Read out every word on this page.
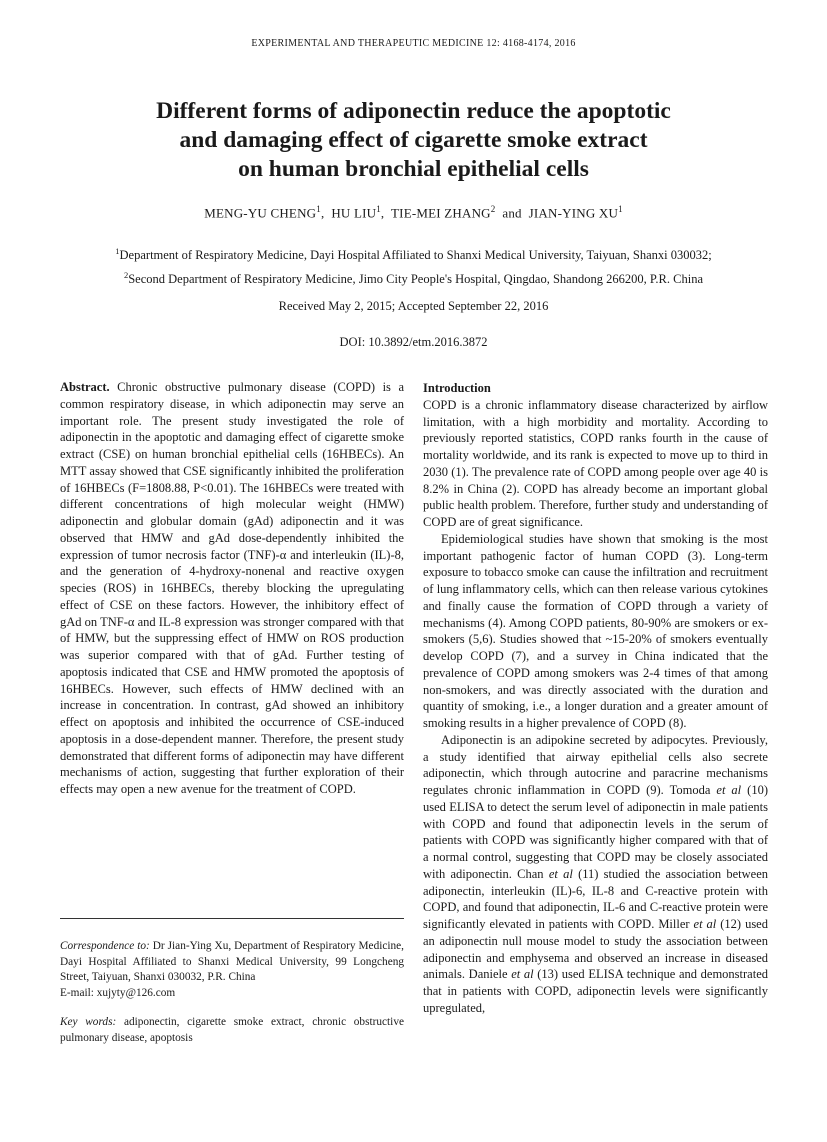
EXPERIMENTAL AND THERAPEUTIC MEDICINE 12: 4168-4174, 2016
Different forms of adiponectin reduce the apoptotic
and damaging effect of cigarette smoke extract
on human bronchial epithelial cells
MENG-YU CHENG$^1$,  HU LIU$^1$,  TIE-MEI ZHANG$^2$ and JIAN-YING $XU^1$
$^1$Department of Respiratory Medicine, Dayi Hospital Affiliated to Shanxi Medical University, Taiyuan, Shanxi 030032;
$^2$Second Department of Respiratory Medicine, Jimo City People's Hospital, Qingdao, Shandong 266200, P.R. China
Received May 2, 2015; Accepted September 22, 2016
DOI: 10.3892/etm.2016.3872

Abstract. Chronic obstructive pulmonary disease (COPD) is a common respiratory disease, in which adiponectin may serve an important role. The present study investigated the role of adiponectin in the apoptotic and damaging effect of cigarette smoke extract (CSE) on human bronchial epithelial cells (16HBECs). An MTT assay showed that CSE significantly inhibited the proliferation of 16HBECs (F=1808.88, P<0.01). The 16HBECs were treated with different concentrations of high molecular weight (HMW) adiponectin and globular domain (gAd) adiponectin and it was observed that HMW and gAd dose-dependently inhibited the expression of tumor necrosis factor (TNF)-α and interleukin (IL)-8, and the generation of 4-hydroxy-nonenal and reactive oxygen species (ROS) in 16HBECs, thereby blocking the upregulating effect of CSE on these factors. However, the inhibitory effect of gAd on TNF-α and IL-8 expression was stronger compared with that of HMW, but the suppressing effect of HMW on ROS production was superior compared with that of gAd. Further testing of apoptosis indicated that CSE and HMW promoted the apoptosis of 16HBECs. However, such effects of HMW declined with an increase in concentration. In contrast, gAd showed an inhibitory effect on apoptosis and inhibited the occurrence of CSE-induced apoptosis in a dose-dependent manner. Therefore, the present study demonstrated that different forms of adiponectin may have different mechanisms of action, suggesting that further exploration of their effects may open a new avenue for the treatment of COPD.

Correspondence to: Dr Jian-Ying Xu, Department of Respiratory Medicine, Dayi Hospital Affiliated to Shanxi Medical University, 99 Longcheng Street, Taiyuan, Shanxi 030032, P.R. China

E-mail: xujyty@126.com

Key words: adiponectin, cigarette smoke extract, chronic obstructive pulmonary disease, apoptosis

Introduction

COPD is a chronic inflammatory disease characterized by airflow limitation, with a high morbidity and mortality. According to previously reported statistics, COPD ranks fourth in the cause of mortality worldwide, and its rank is expected to move up to third in 2030 (1). The prevalence rate of COPD among people over age 40 is 8.2% in China (2). COPD has already become an important global public health problem. Therefore, further study and understanding of COPD are of great significance.

Epidemiological studies have shown that smoking is the most important pathogenic factor of human COPD (3). Long-term exposure to tobacco smoke can cause the infiltration and recruitment of lung inflammatory cells, which can then release various cytokines and finally cause the formation of COPD through a variety of mechanisms (4). Among COPD patients, 80-90% are smokers or ex-smokers (5,6). Studies showed that ~15-20% of smokers eventually develop COPD (7), and a survey in China indicated that the prevalence of COPD among smokers was 2-4 times of that among non-smokers, and was directly associated with the duration and quantity of smoking, i.e., a longer duration and a greater amount of smoking results in a higher prevalence of COPD (8).

Adiponectin is an adipokine secreted by adipocytes. Previously, a study identified that airway epithelial cells also secrete adiponectin, which through autocrine and paracrine mechanisms regulates chronic inflammation in COPD (9). Tomoda et al (10) used ELISA to detect the serum level of adiponectin in male patients with COPD and found that adiponectin levels in the serum of patients with COPD was significantly higher compared with that of a normal control, suggesting that COPD may be closely associated with adiponectin. Chan et al (11) studied the association between adiponectin, interleukin (IL)-6, IL-8 and C-reactive protein with COPD, and found that adiponectin, IL-6 and C-reactive protein were significantly elevated in patients with COPD. Miller et al (12) used an adiponectin null mouse model to study the association between adiponectin and emphysema and observed an increase in diseased animals. Daniele et al (13) used ELISA technique and demonstrated that in patients with COPD, adiponectin levels were significantly upregulated,
